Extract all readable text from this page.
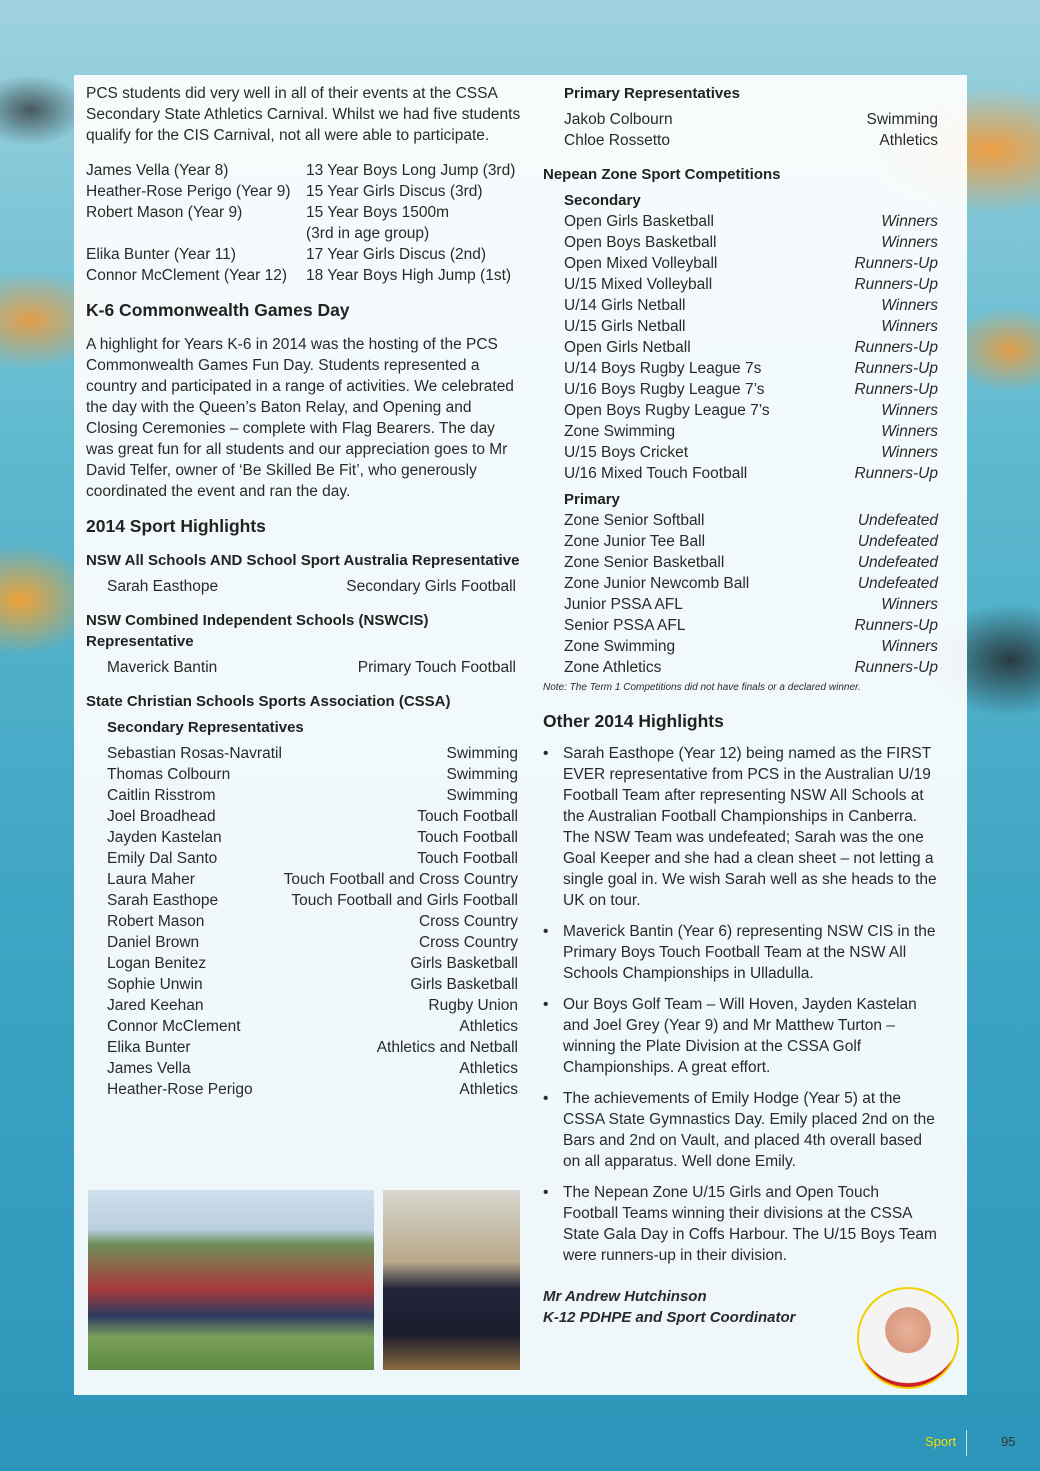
PCS students did very well in all of their events at the CSSA Secondary State Athletics Carnival. Whilst we had five students qualify for the CIS Carnival, not all were able to participate.

James Vella (Year 8)	13 Year Boys Long Jump (3rd)
Heather-Rose Perigo (Year 9)	15 Year Girls Discus (3rd)
Robert Mason (Year 9)	15 Year Boys 1500m
(3rd in age group)
Elika Bunter (Year 11)	17 Year Girls Discus (2nd)
Connor McClement (Year 12)	18 Year Boys High Jump (1st)

K-6 Commonwealth Games Day

A highlight for Years K-6 in 2014 was the hosting of the PCS Commonwealth Games Fun Day. Students represented a country and participated in a range of activities. We celebrated the day with the Queen’s Baton Relay, and Opening and Closing Ceremonies – complete with Flag Bearers. The day was great fun for all students and our appreciation goes to Mr David Telfer, owner of ‘Be Skilled Be Fit’, who generously coordinated the event and ran the day.

2014 Sport Highlights

NSW All Schools AND School Sport Australia Representative

Sarah Easthope	Secondary Girls Football

NSW Combined Independent Schools (NSWCIS) Representative

Maverick Bantin	Primary Touch Football

State Christian Schools Sports Association (CSSA)

Secondary Representatives

Sebastian Rosas-Navratil	Swimming
Thomas Colbourn	Swimming
Caitlin Risstrom	Swimming
Joel Broadhead	Touch Football
Jayden Kastelan	Touch Football
Emily Dal Santo	Touch Football
Laura Maher	Touch Football and Cross Country
Sarah Easthope	Touch Football and Girls Football
Robert Mason	Cross Country
Daniel Brown	Cross Country
Logan Benitez	Girls Basketball
Sophie Unwin	Girls Basketball
Jared Keehan	Rugby Union
Connor McClement	Athletics
Elika Bunter	Athletics and Netball
James Vella	Athletics
Heather-Rose Perigo	Athletics

Primary Representatives

Jakob Colbourn	Swimming
Chloe Rossetto	Athletics

Nepean Zone Sport Competitions

Secondary

Open Girls Basketball	Winners
Open Boys Basketball	Winners
Open Mixed Volleyball	Runners-Up
U/15 Mixed Volleyball	Runners-Up
U/14 Girls Netball	Winners
U/15 Girls Netball	Winners
Open Girls Netball	Runners-Up
U/14 Boys Rugby League 7s	Runners-Up
U/16 Boys Rugby League 7’s	Runners-Up
Open Boys Rugby League 7’s	Winners
Zone Swimming	Winners
U/15 Boys Cricket	Winners
U/16 Mixed Touch Football	Runners-Up

Primary

Zone Senior Softball	Undefeated
Zone Junior Tee Ball	Undefeated
Zone Senior Basketball	Undefeated
Zone Junior Newcomb Ball	Undefeated
Junior PSSA AFL	Winners
Senior PSSA AFL	Runners-Up
Zone Swimming	Winners
Zone Athletics	Runners-Up

Note: The Term 1 Competitions did not have finals or a declared winner.

Other 2014 Highlights

• Sarah Easthope (Year 12) being named as the FIRST EVER representative from PCS in the Australian U/19 Football Team after representing NSW All Schools at the Australian Football Championships in Canberra. The NSW Team was undefeated; Sarah was the one Goal Keeper and she had a clean sheet – not letting a single goal in. We wish Sarah well as she heads to the UK on tour.
• Maverick Bantin (Year 6) representing NSW CIS in the Primary Boys Touch Football Team at the NSW All Schools Championships in Ulladulla.
• Our Boys Golf Team – Will Hoven, Jayden Kastelan and Joel Grey (Year 9) and Mr Matthew Turton – winning the Plate Division at the CSSA Golf Championships. A great effort.
• The achievements of Emily Hodge (Year 5) at the CSSA State Gymnastics Day. Emily placed 2nd on the Bars and 2nd on Vault, and placed 4th overall based on all apparatus. Well done Emily.
• The Nepean Zone U/15 Girls and Open Touch Football Teams winning their divisions at the CSSA State Gala Day in Coffs Harbour. The U/15 Boys Team were runners-up in their division.
Mr Andrew Hutchinson
K-12 PDHPE and Sport Coordinator
Sport	95
